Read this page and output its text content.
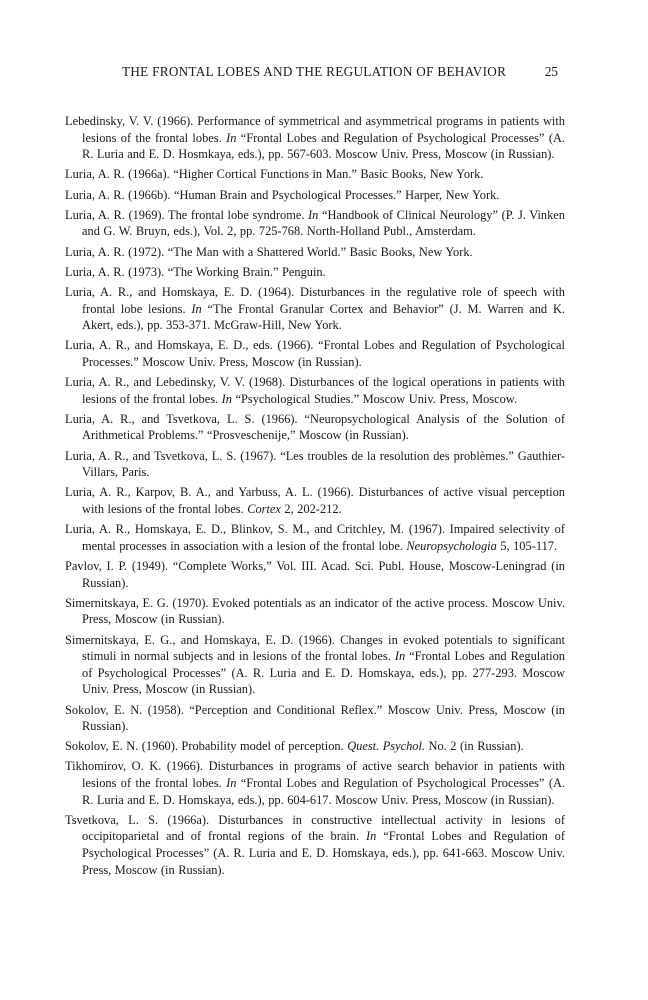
THE FRONTAL LOBES AND THE REGULATION OF BEHAVIOR	25
Lebedinsky, V. V. (1966). Performance of symmetrical and asymmetrical programs in patients with lesions of the frontal lobes. In “Frontal Lobes and Regulation of Psychological Processes” (A. R. Luria and E. D. Hosmkaya, eds.), pp. 567-603. Moscow Univ. Press, Moscow (in Russian).
Luria, A. R. (1966a). “Higher Cortical Functions in Man.” Basic Books, New York.
Luria, A. R. (1966b). “Human Brain and Psychological Processes.” Harper, New York.
Luria, A. R. (1969). The frontal lobe syndrome. In “Handbook of Clinical Neurology” (P. J. Vinken and G. W. Bruyn, eds.), Vol. 2, pp. 725-768. North-Holland Publ., Amsterdam.
Luria, A. R. (1972). “The Man with a Shattered World.” Basic Books, New York.
Luria, A. R. (1973). “The Working Brain.” Penguin.
Luria, A. R., and Homskaya, E. D. (1964). Disturbances in the regulative role of speech with frontal lobe lesions. In “The Frontal Granular Cortex and Behavior” (J. M. Warren and K. Akert, eds.), pp. 353-371. McGraw-Hill, New York.
Luria, A. R., and Homskaya, E. D., eds. (1966). “Frontal Lobes and Regulation of Psychological Processes.” Moscow Univ. Press, Moscow (in Russian).
Luria, A. R., and Lebedinsky, V. V. (1968). Disturbances of the logical operations in patients with lesions of the frontal lobes. In “Psychological Studies.” Moscow Univ. Press, Moscow.
Luria, A. R., and Tsvetkova, L. S. (1966). “Neuropsychological Analysis of the Solution of Arithmetical Problems.” “Prosveschenije,” Moscow (in Russian).
Luria, A. R., and Tsvetkova, L. S. (1967). “Les troubles de la resolution des problèmes.” Gauthier-Villars, Paris.
Luria, A. R., Karpov, B. A., and Yarbuss, A. L. (1966). Disturbances of active visual perception with lesions of the frontal lobes. Cortex 2, 202-212.
Luria, A. R., Homskaya, E. D., Blinkov, S. M., and Critchley, M. (1967). Impaired selectivity of mental processes in association with a lesion of the frontal lobe. Neuropsychologia 5, 105-117.
Pavlov, I. P. (1949). “Complete Works,” Vol. III. Acad. Sci. Publ. House, Moscow-Leningrad (in Russian).
Simernitskaya, E. G. (1970). Evoked potentials as an indicator of the active process. Moscow Univ. Press, Moscow (in Russian).
Simernitskaya, E. G., and Homskaya, E. D. (1966). Changes in evoked potentials to significant stimuli in normal subjects and in lesions of the frontal lobes. In “Frontal Lobes and Regulation of Psychological Processes” (A. R. Luria and E. D. Homskaya, eds.), pp. 277-293. Moscow Univ. Press, Moscow (in Russian).
Sokolov, E. N. (1958). “Perception and Conditional Reflex.” Moscow Univ. Press, Moscow (in Russian).
Sokolov, E. N. (1960). Probability model of perception. Quest. Psychol. No. 2 (in Russian).
Tikhomirov, O. K. (1966). Disturbances in programs of active search behavior in patients with lesions of the frontal lobes. In “Frontal Lobes and Regulation of Psychological Processes” (A. R. Luria and E. D. Homskaya, eds.), pp. 604-617. Moscow Univ. Press, Moscow (in Russian).
Tsvetkova, L. S. (1966a). Disturbances in constructive intellectual activity in lesions of occipitoparietal and of frontal regions of the brain. In “Frontal Lobes and Regulation of Psychological Processes” (A. R. Luria and E. D. Homskaya, eds.), pp. 641-663. Moscow Univ. Press, Moscow (in Russian).
